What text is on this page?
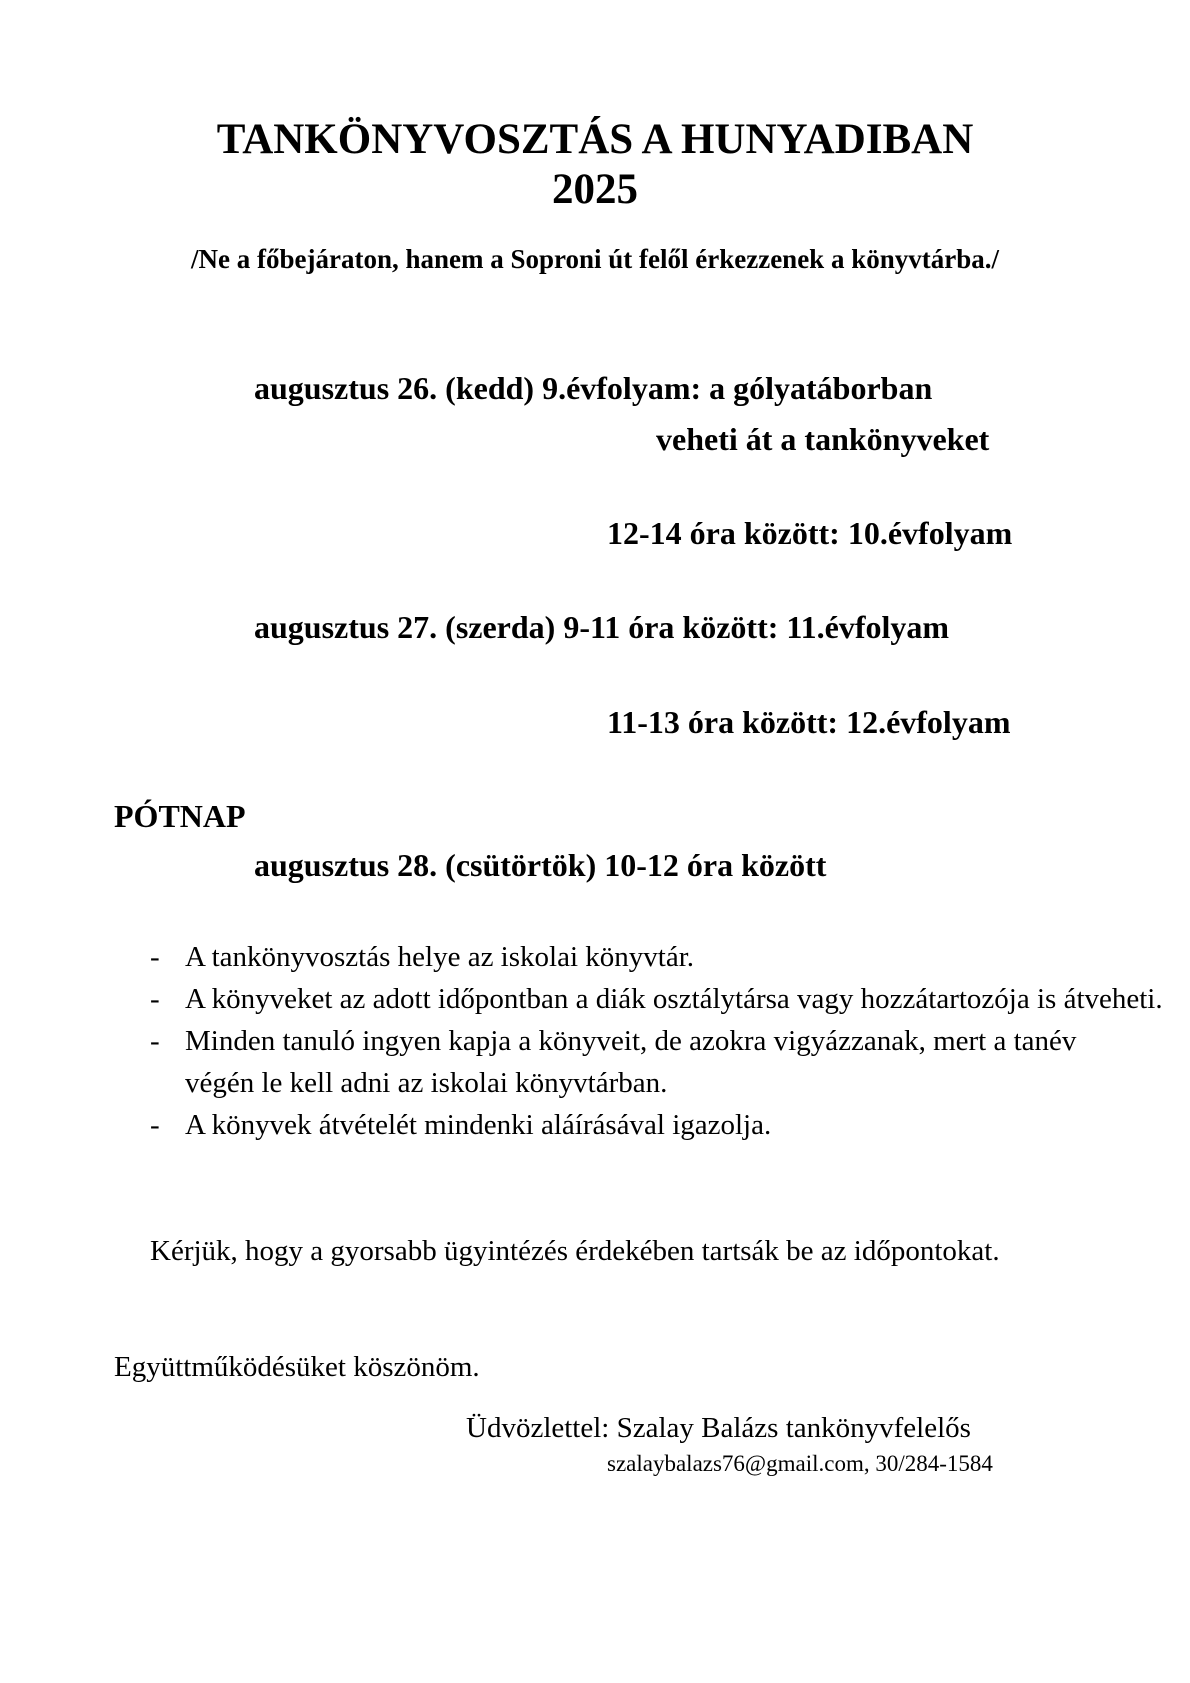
TANKÖNYVOSZTÁS A HUNYADIBAN
2025
/Ne a főbejáraton, hanem a Soproni út felől érkezzenek a könyvtárba./
augusztus 26. (kedd) 9.évfolyam: a gólyatáborban
veheti át a tankönyveket
12-14 óra között: 10.évfolyam
augusztus 27. (szerda) 9-11 óra között: 11.évfolyam
11-13 óra között: 12.évfolyam
PÓTNAP
augusztus 28. (csütörtök) 10-12 óra között
- A tankönyvosztás helye az iskolai könyvtár.
- A könyveket az adott időpontban a diák osztálytársa vagy hozzátartozója is átveheti.
- Minden tanuló ingyen kapja a könyveit, de azokra vigyázzanak, mert a tanév végén le kell adni az iskolai könyvtárban.
- A könyvek átvételét mindenki aláírásával igazolja.
Kérjük, hogy a gyorsabb ügyintézés érdekében tartsák be az időpontokat.
Együttműködésüket köszönöm.
Üdvözlettel: Szalay Balázs tankönyvfelelős
szalaybalazs76@gmail.com, 30/284-1584
